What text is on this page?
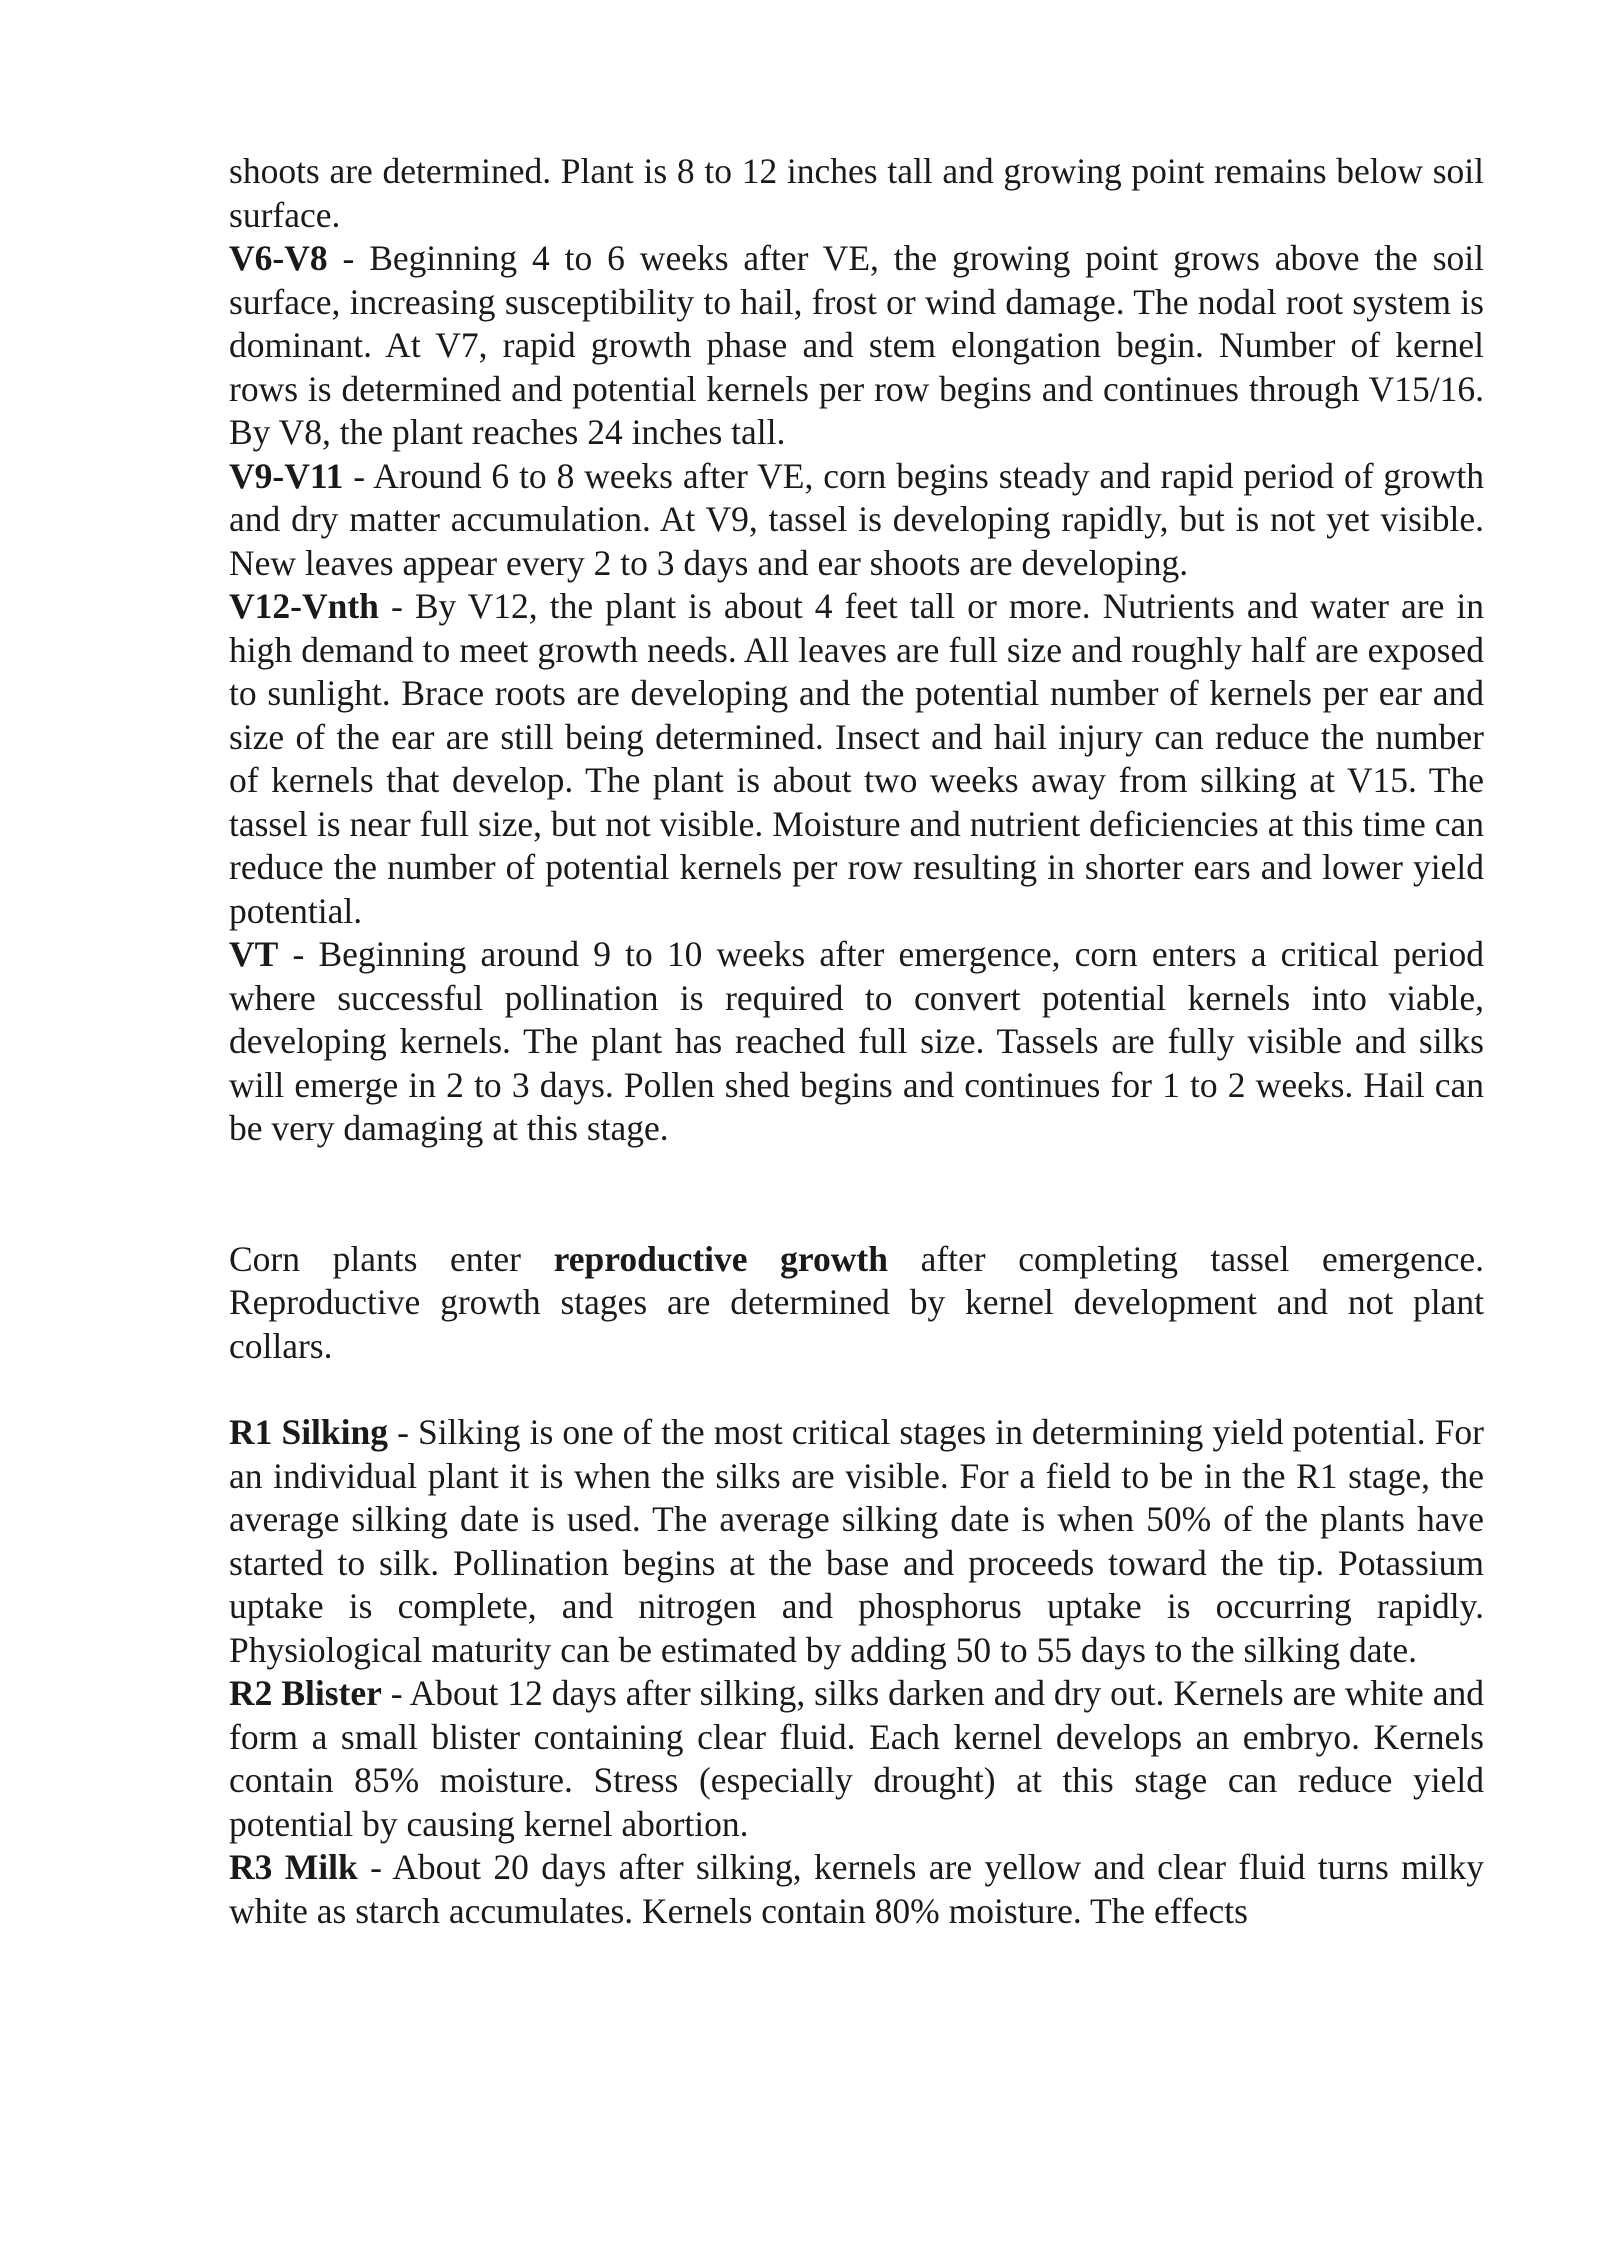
shoots are determined. Plant is 8 to 12 inches tall and growing point remains below soil surface.

V6-V8 - Beginning 4 to 6 weeks after VE, the growing point grows above the soil surface, increasing susceptibility to hail, frost or wind damage. The nodal root system is dominant. At V7, rapid growth phase and stem elongation begin. Number of kernel rows is determined and potential kernels per row begins and continues through V15/16. By V8, the plant reaches 24 inches tall.

V9-V11 - Around 6 to 8 weeks after VE, corn begins steady and rapid period of growth and dry matter accumulation. At V9, tassel is developing rapidly, but is not yet visible. New leaves appear every 2 to 3 days and ear shoots are developing.

V12-Vnth - By V12, the plant is about 4 feet tall or more. Nutrients and water are in high demand to meet growth needs. All leaves are full size and roughly half are exposed to sunlight. Brace roots are developing and the potential number of kernels per ear and size of the ear are still being determined. Insect and hail injury can reduce the number of kernels that develop. The plant is about two weeks away from silking at V15. The tassel is near full size, but not visible. Moisture and nutrient deficiencies at this time can reduce the number of potential kernels per row resulting in shorter ears and lower yield potential.

VT - Beginning around 9 to 10 weeks after emergence, corn enters a critical period where successful pollination is required to convert potential kernels into viable, developing kernels. The plant has reached full size. Tassels are fully visible and silks will emerge in 2 to 3 days. Pollen shed begins and continues for 1 to 2 weeks. Hail can be very damaging at this stage.

Corn plants enter reproductive growth after completing tassel emergence. Reproductive growth stages are determined by kernel development and not plant collars.

R1 Silking - Silking is one of the most critical stages in determining yield potential. For an individual plant it is when the silks are visible. For a field to be in the R1 stage, the average silking date is used. The average silking date is when 50% of the plants have started to silk. Pollination begins at the base and proceeds toward the tip. Potassium uptake is complete, and nitrogen and phosphorus uptake is occurring rapidly. Physiological maturity can be estimated by adding 50 to 55 days to the silking date.

R2 Blister - About 12 days after silking, silks darken and dry out. Kernels are white and form a small blister containing clear fluid. Each kernel develops an embryo. Kernels contain 85% moisture. Stress (especially drought) at this stage can reduce yield potential by causing kernel abortion.

R3 Milk - About 20 days after silking, kernels are yellow and clear fluid turns milky white as starch accumulates. Kernels contain 80% moisture. The effects
